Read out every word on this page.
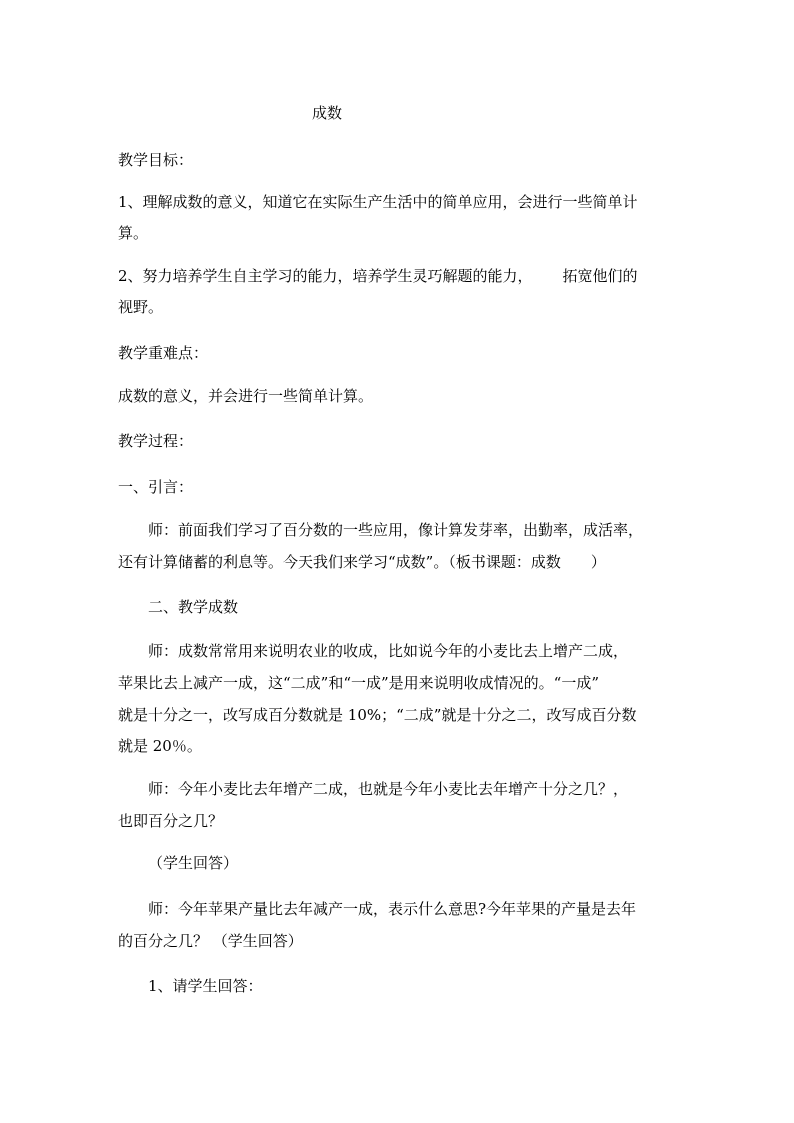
成数
教学目标：
1、理解成数的意义，知道它在实际生产生活中的简单应用，会进行一些简单计
算。
2、努力培养学生自主学习的能力，培养学生灵巧解题的能力， 拓宽他们的
视野。
教学重难点：
成数的意义，并会进行一些简单计算。
教学过程：
一、引言：
师：前面我们学习了百分数的一些应用，像计算发芽率，出勤率，成活率，
还有计算储蓄的利息等。今天我们来学习“成数”。（板书课题：成数　　）
二、教学成数
师：成数常常用来说明农业的收成，比如说今年的小麦比去上增产二成，
苹果比去上减产一成，这“二成”和“一成”是用来说明收成情况的。“一成”
就是十分之一，改写成百分数就是 10%；“二成”就是十分之二，改写成百分数
就是 20％。
师：今年小麦比去年增产二成，也就是今年小麦比去年增产十分之几？，
也即百分之几？
（学生回答）
师：今年苹果产量比去年减产一成，表示什么意思?今年苹果的产量是去年
的百分之几？ （学生回答）
1、请学生回答：
